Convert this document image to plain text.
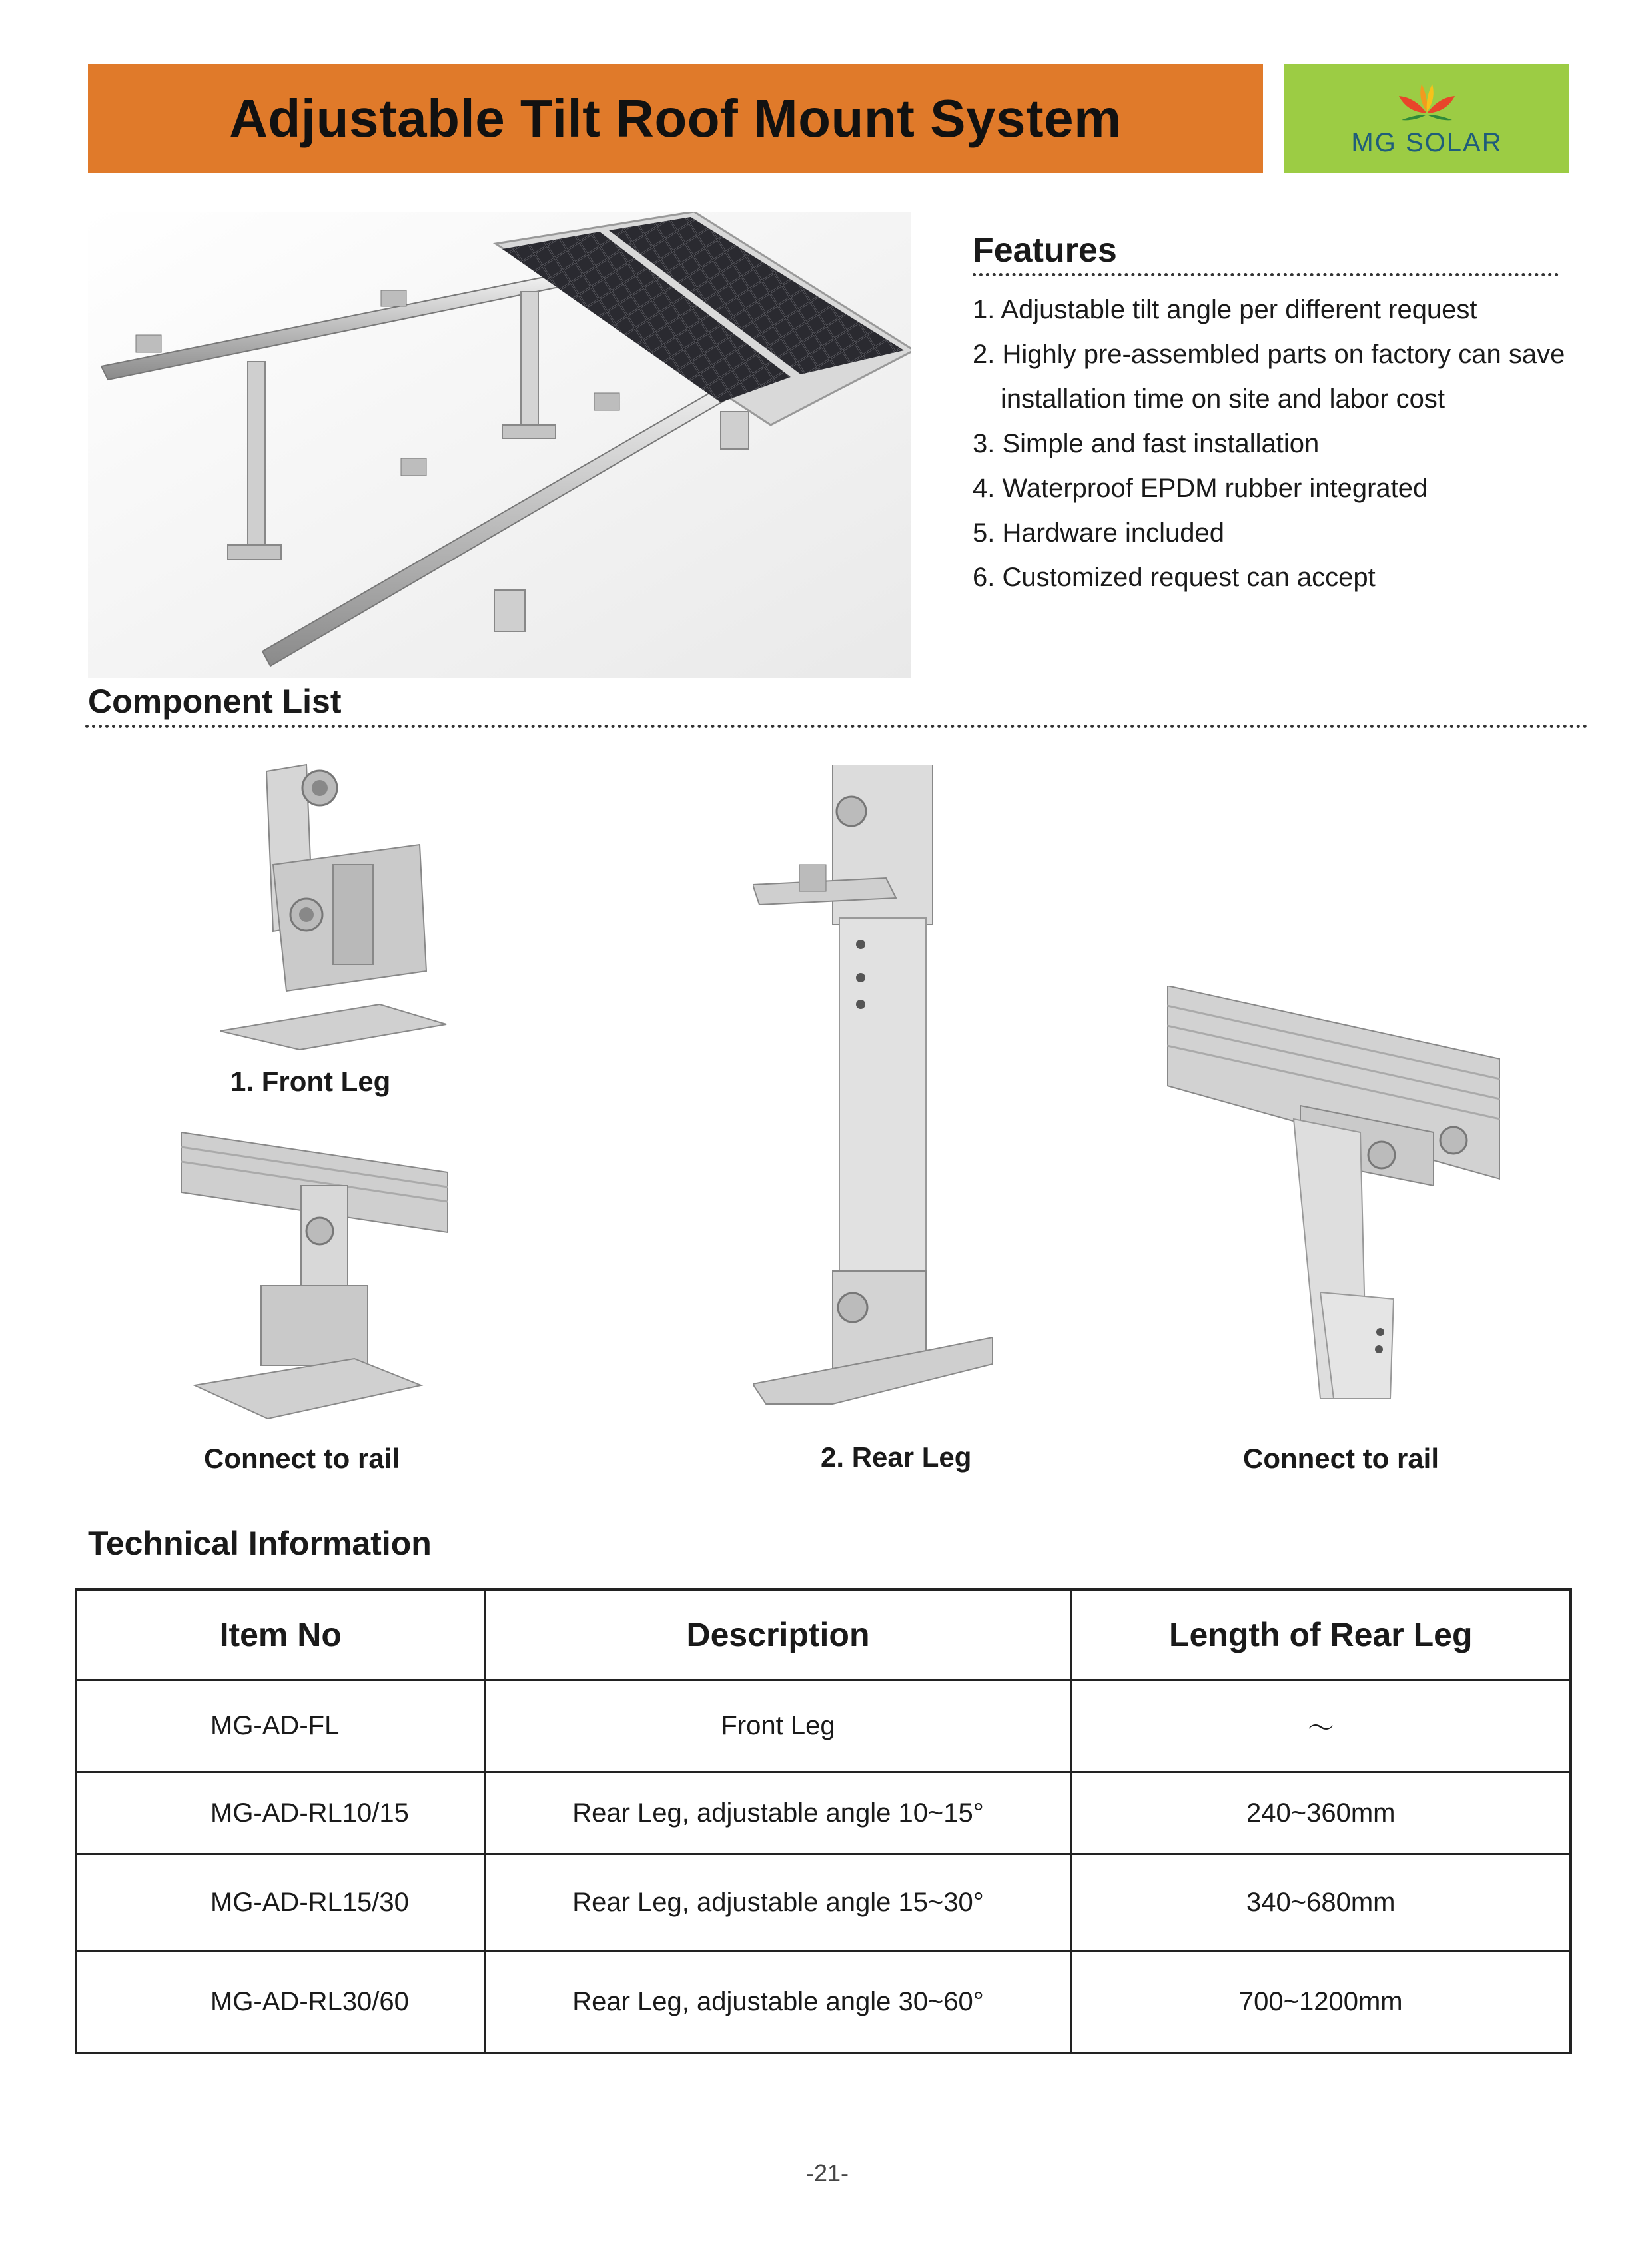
Adjustable Tilt Roof Mount System	MG SOLAR
Features
1. Adjustable tilt angle per different request
2. Highly pre-assembled parts on factory can save
installation time on site and labor cost
3. Simple and fast installation
4. Waterproof EPDM rubber integrated
5. Hardware included
6. Customized request can accept
Component List
1. Front Leg
Connect to rail	2. Rear Leg	Connect to rail
Technical Information
Item No	Description	Length of Rear Leg
MG-AD-FL	Front Leg	～
MG-AD-RL10/15	Rear Leg, adjustable angle 10~15°	240~360mm
MG-AD-RL15/30	Rear Leg, adjustable angle 15~30°	340~680mm
MG-AD-RL30/60	Rear Leg, adjustable angle 30~60°	700~1200mm
-21-
